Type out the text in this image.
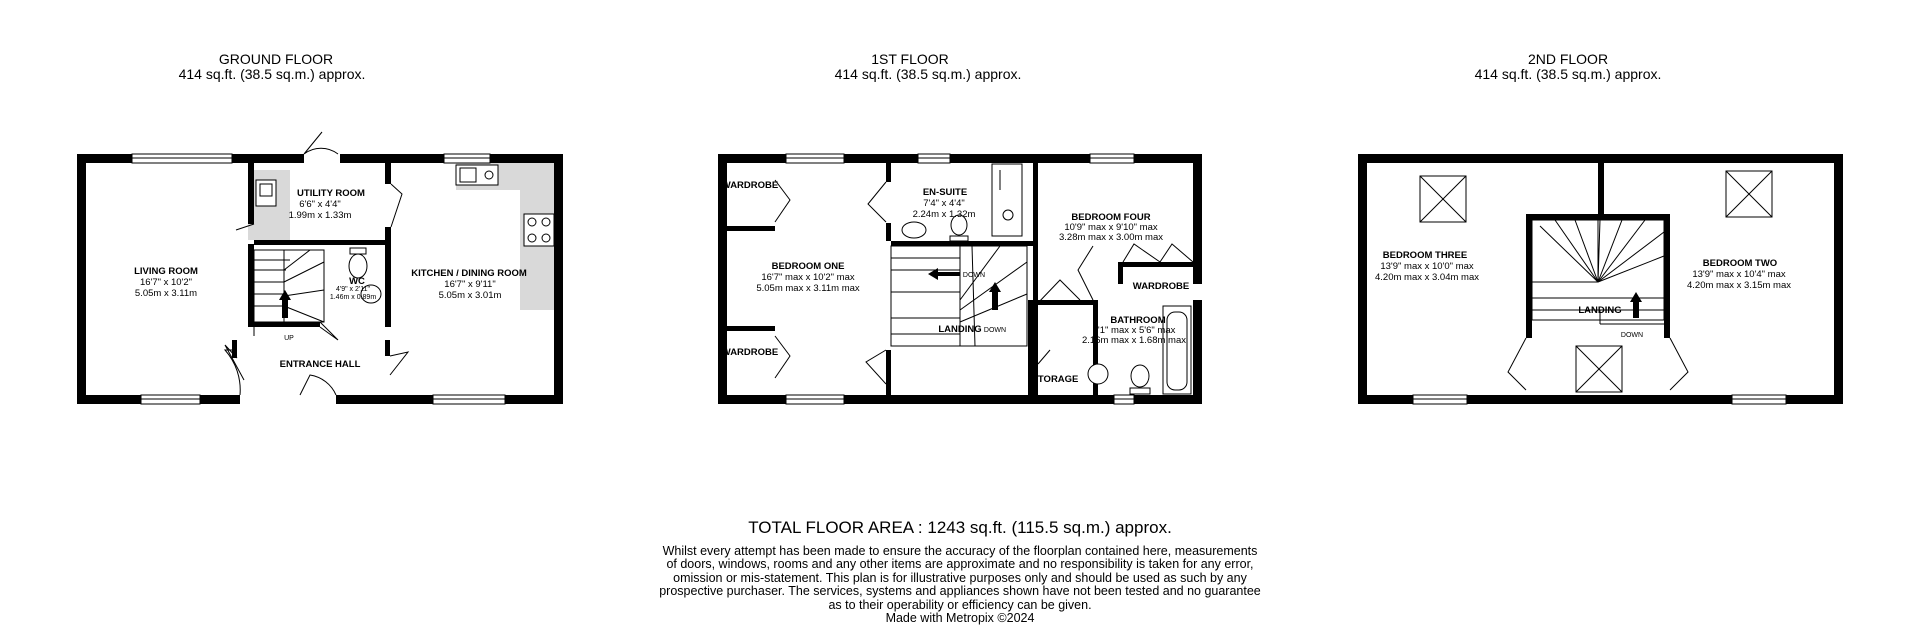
GROUND FLOOR
414 sq.ft. (38.5 sq.m.) approx.
1ST FLOOR
414 sq.ft. (38.5 sq.m.) approx.
2ND FLOOR
414 sq.ft. (38.5 sq.m.) approx.
LIVING ROOM
16'7" x 10'2"
5.05m x 3.11m
UTILITY ROOM
6'6" x 4'4"
1.99m x 1.33m
KITCHEN / DINING ROOM
16'7" x 9'11"
5.05m x 3.01m
WC
4'9" x 2'11"
1.46m x 0.89m
ENTRANCE HALL
UP
WARDROBE
WARDROBE
BEDROOM ONE
16'7" max x 10'2" max
5.05m max x 3.11m max
EN-SUITE
7'4" x 4'4"
2.24m x 1.32m	BEDROOM FOUR
10'9" max x 9'10" max
3.28m max x 3.00m max
WARDROBE
BATHROOM
7'1" max x 5'6" max
2.16m max x 1.68m max
STORAGE
LANDING
DOWN
DOWN
BEDROOM THREE
13'9" max x 10'0" max
4.20m max x 3.04m max
BEDROOM TWO
13'9" max x 10'4" max
4.20m max x 3.15m max
LANDING
DOWN
TOTAL FLOOR AREA : 1243 sq.ft. (115.5 sq.m.) approx.
Whilst every attempt has been made to ensure the accuracy of the floorplan contained here, measurements
of doors, windows, rooms and any other items are approximate and no responsibility is taken for any error,
omission or mis-statement. This plan is for illustrative purposes only and should be used as such by any
prospective purchaser. The services, systems and appliances shown have not been tested and no guarantee
as to their operability or efficiency can be given.
Made with Metropix ©2024
